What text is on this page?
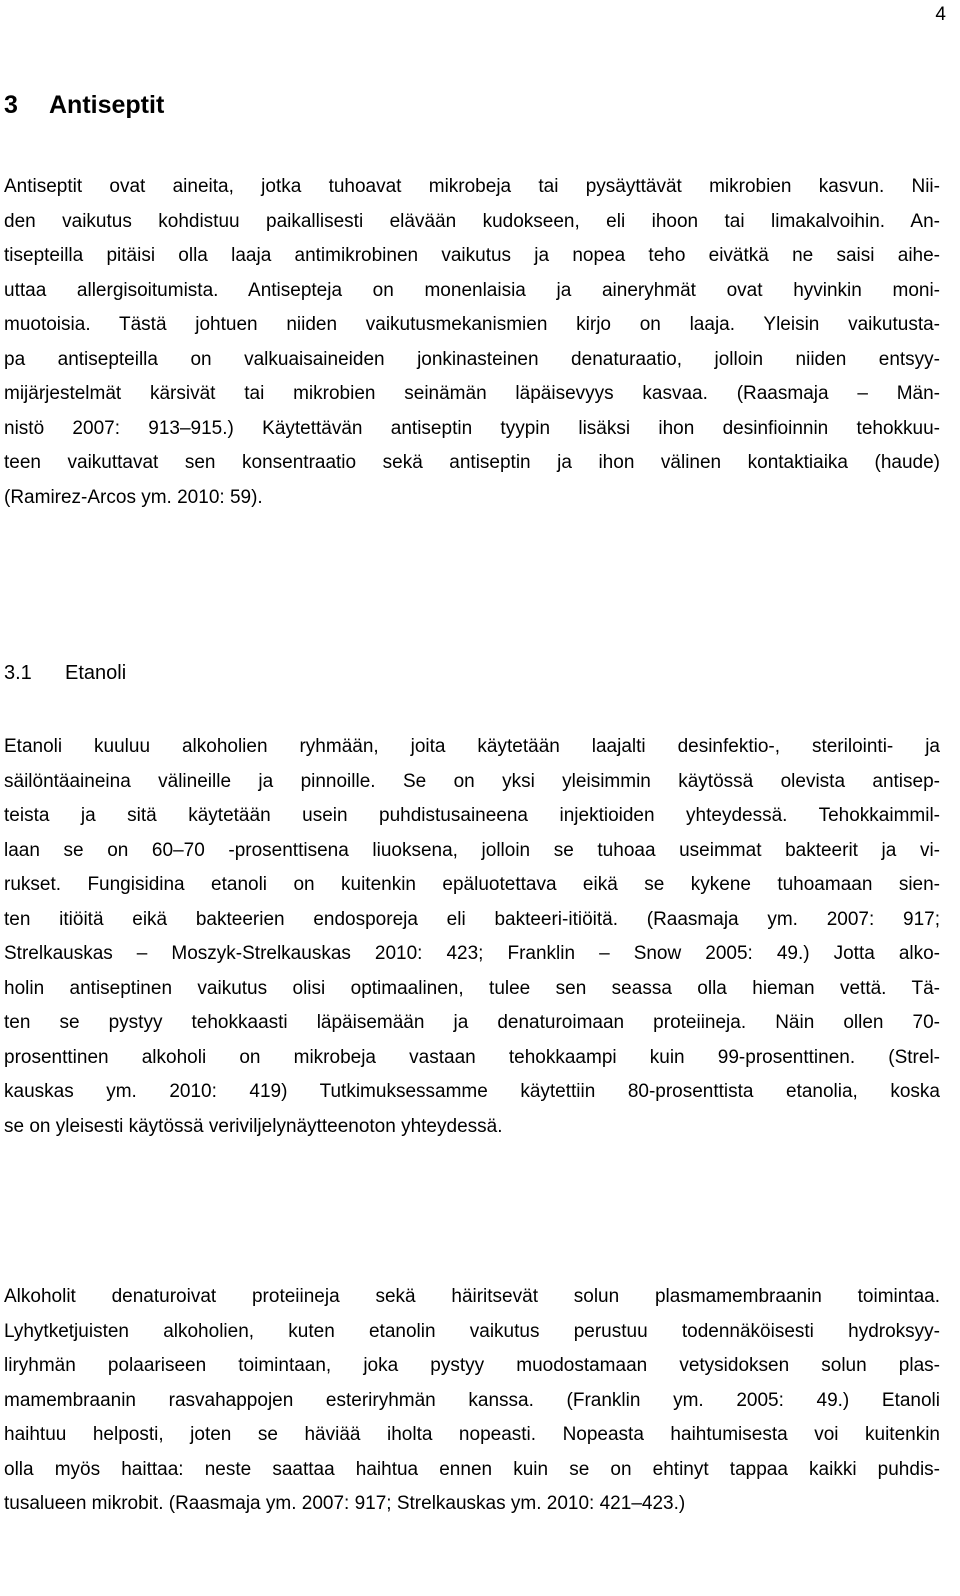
4
3 Antiseptit

Antiseptit ovat aineita, jotka tuhoavat mikrobeja tai pysäyttävät mikrobien kasvun. Nii-
den vaikutus kohdistuu paikallisesti elävään kudokseen, eli ihoon tai limakalvoihin. An-
tisepteilla pitäisi olla laaja antimikrobinen vaikutus ja nopea teho eivätkä ne saisi aihe-
uttaa allergisoitumista. Antisepteja on monenlaisia ja aineryhmät ovat hyvinkin moni-
muotoisia. Tästä johtuen niiden vaikutusmekanismien kirjo on laaja. Yleisin vaikutusta-
pa antisepteilla on valkuaisaineiden jonkinasteinen denaturaatio, jolloin niiden entsyy-
mijärjestelmät kärsivät tai mikrobien seinämän läpäisevyys kasvaa. (Raasmaja – Män-
nistö 2007: 913–915.) Käytettävän antiseptin tyypin lisäksi ihon desinfioinnin tehokkuu-
teen vaikuttavat sen konsentraatio sekä antiseptin ja ihon välinen kontaktiaika (haude)
(Ramirez-Arcos ym. 2010: 59).

3.1 Etanoli

Etanoli kuuluu alkoholien ryhmään, joita käytetään laajalti desinfektio-, sterilointi- ja
säilöntäaineina välineille ja pinnoille. Se on yksi yleisimmin käytössä olevista antisep-
teista ja sitä käytetään usein puhdistusaineena injektioiden yhteydessä. Tehokkaimmil-
laan se on 60–70 -prosenttisena liuoksena, jolloin se tuhoaa useimmat bakteerit ja vi-
rukset. Fungisidina etanoli on kuitenkin epäluotettava eikä se kykene tuhoamaan sien-
ten itiöitä eikä bakteerien endosporeja eli bakteeri-itiöitä. (Raasmaja ym. 2007: 917;
Strelkauskas – Moszyk-Strelkauskas 2010: 423; Franklin – Snow 2005: 49.) Jotta alko-
holin antiseptinen vaikutus olisi optimaalinen, tulee sen seassa olla hieman vettä. Tä-
ten se pystyy tehokkaasti läpäisemään ja denaturoimaan proteiineja. Näin ollen 70-
prosenttinen alkoholi on mikrobeja vastaan tehokkaampi kuin 99-prosenttinen. (Strel-
kauskas ym. 2010: 419) Tutkimuksessamme käytettiin 80-prosenttista etanolia, koska
se on yleisesti käytössä veriviljelynäytteenoton yhteydessä.

Alkoholit denaturoivat proteiineja sekä häiritsevät solun plasmamembraanin toimintaa.
Lyhytketjuisten alkoholien, kuten etanolin vaikutus perustuu todennäköisesti hydroksyy-
liryhmän polaariseen toimintaan, joka pystyy muodostamaan vetysidoksen solun plas-
mamembraanin rasvahappojen esteriryhmän kanssa. (Franklin ym. 2005: 49.) Etanoli
haihtuu helposti, joten se häviää iholta nopeasti. Nopeasta haihtumisesta voi kuitenkin
olla myös haittaa: neste saattaa haihtua ennen kuin se on ehtinyt tappaa kaikki puhdis-
tusalueen mikrobit. (Raasmaja ym. 2007: 917; Strelkauskas ym. 2010: 421–423.)
